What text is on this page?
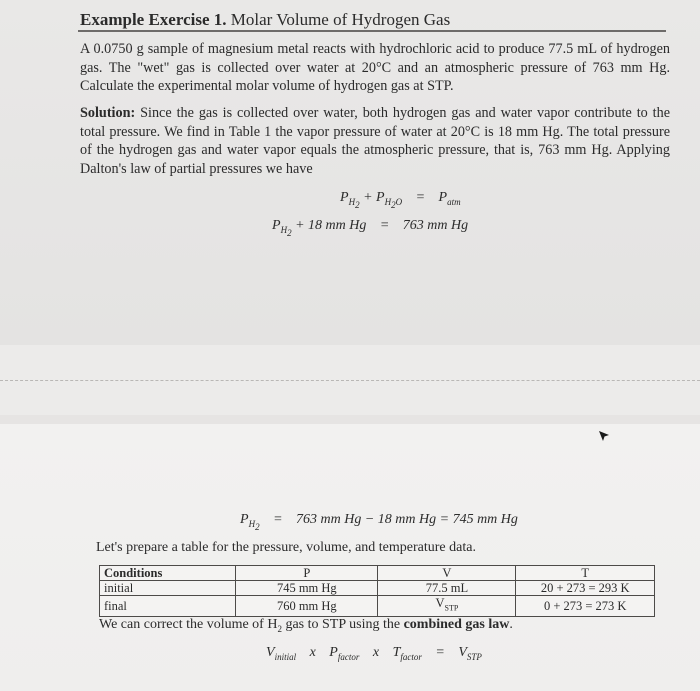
Example Exercise 1. Molar Volume of Hydrogen Gas

A 0.0750 g sample of magnesium metal reacts with hydrochloric acid to produce 77.5 mL of hydrogen gas. The "wet" gas is collected over water at 20°C and an atmospheric pressure of 763 mm Hg. Calculate the experimental molar volume of hydrogen gas at STP.

Solution: Since the gas is collected over water, both hydrogen gas and water vapor contribute to the total pressure. We find in Table 1 the vapor pressure of water at 20°C is 18 mm Hg. The total pressure of the hydrogen gas and water vapor equals the atmospheric pressure, that is, 763 mm Hg. Applying Dalton's law of partial pressures we have

$P_{H_2} + P_{H_2O} = P_{atm}$
$P_{H_2} + 18$ mm Hg = 763 mm Hg
$P_{H_2} = 763$ mm Hg − 18 mm Hg = 745 mm Hg
Let's prepare a table for the pressure, volume, and temperature data.
Conditions	P	V	T
initial	745 mm Hg	77.5 mL	20 + 273 = 293 K
final	760 mm Hg	$V_{STP}$	0 + 273 = 273 K
We can correct the volume of $H_2$ gas to STP using the combined gas law.
$V_{initial}$ x $P_{factor}$ x $T_{factor} = V_{STP}$
